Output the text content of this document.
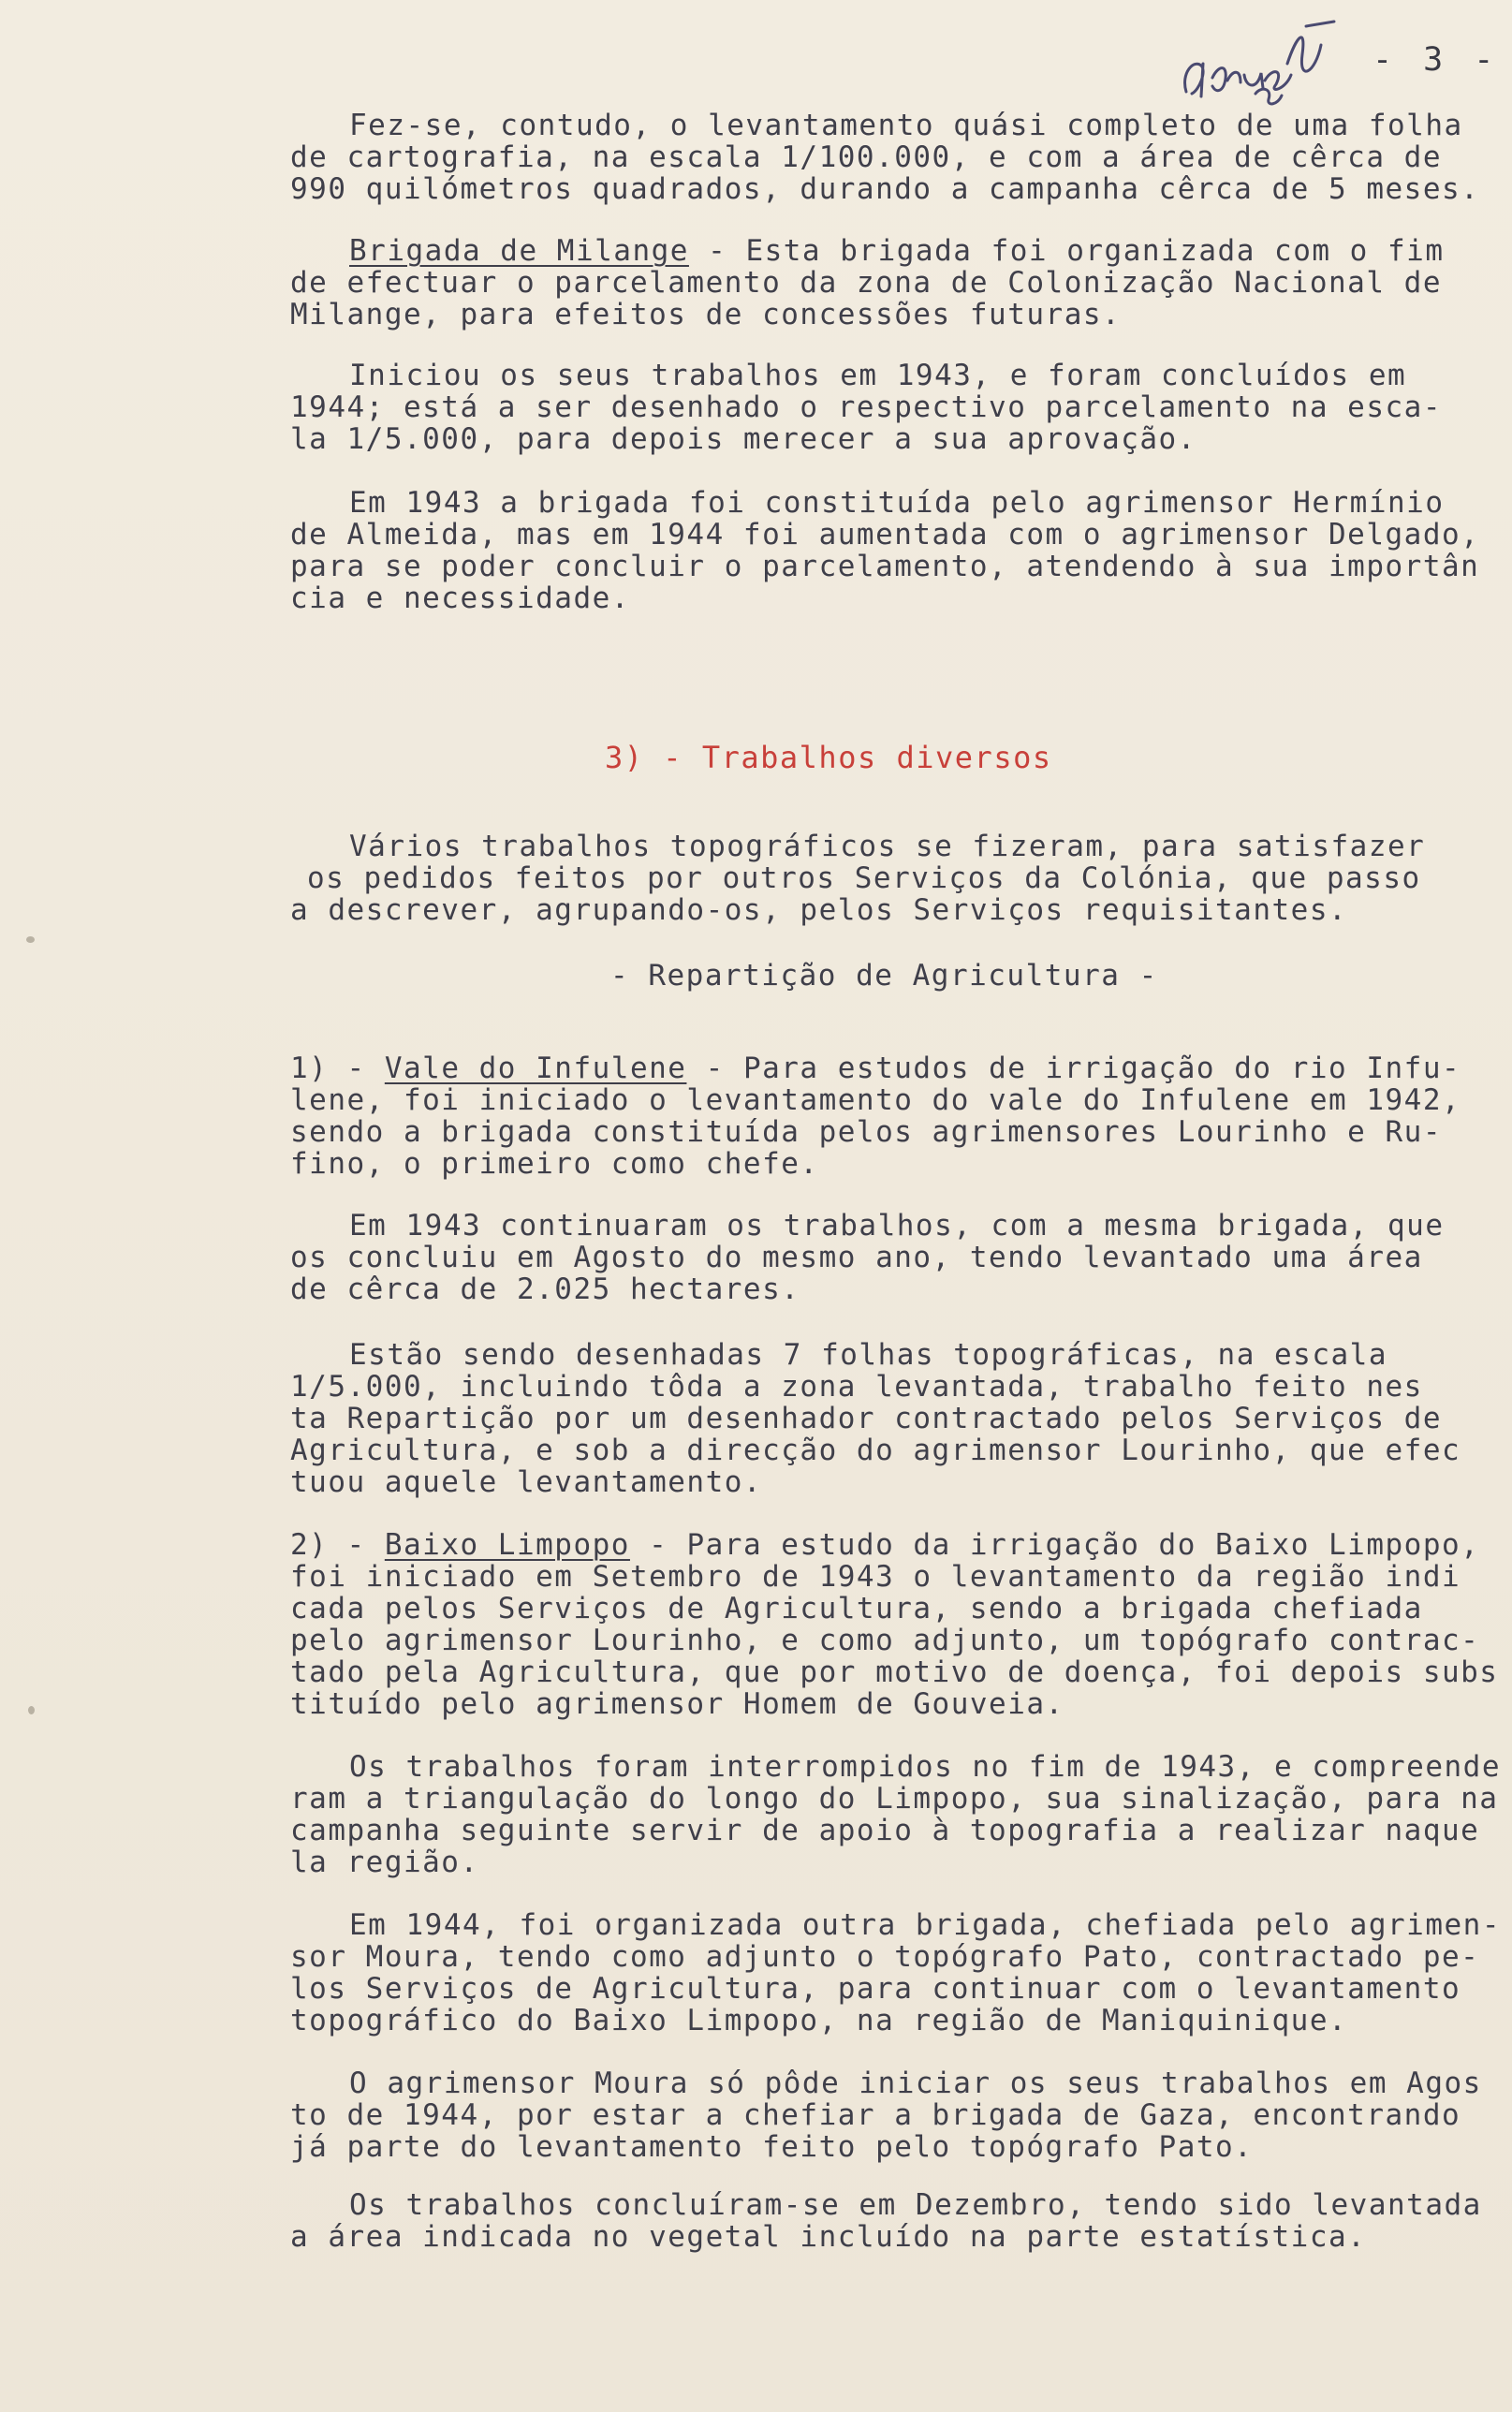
- 3 -
Fez-se, contudo, o levantamento quási completo de uma folha
de cartografia, na escala 1/100.000, e com a área de cêrca de
990 quilómetros quadrados, durando a campanha cêrca de 5 meses.
Brigada de Milange - Esta brigada foi organizada com o fim
de efectuar o parcelamento da zona de Colonização Nacional de
Milange, para efeitos de concessões futuras.
Iniciou os seus trabalhos em 1943, e foram concluídos em
1944; está a ser desenhado o respectivo parcelamento na esca-
la 1/5.000, para depois merecer a sua aprovação.
Em 1943 a brigada foi constituída pelo agrimensor Hermínio
de Almeida, mas em 1944 foi aumentada com o agrimensor Delgado,
para se poder concluir o parcelamento, atendendo à sua importân
cia e necessidade.
3) - Trabalhos diversos
Vários trabalhos topográficos se fizeram, para satisfazer
os pedidos feitos por outros Serviços da Colónia, que passo
a descrever, agrupando-os, pelos Serviços requisitantes.
- Repartição de Agricultura -
1) - Vale do Infulene - Para estudos de irrigação do rio Infu-
lene, foi iniciado o levantamento do vale do Infulene em 1942,
sendo a brigada constituída pelos agrimensores Lourinho e Ru-
fino, o primeiro como chefe.
Em 1943 continuaram os trabalhos, com a mesma brigada, que
os concluiu em Agosto do mesmo ano, tendo levantado uma área
de cêrca de 2.025 hectares.
Estão sendo desenhadas 7 folhas topográficas, na escala
1/5.000, incluindo tôda a zona levantada, trabalho feito nes
ta Repartição por um desenhador contractado pelos Serviços de
Agricultura, e sob a direcção do agrimensor Lourinho, que efec
tuou aquele levantamento.
2) - Baixo Limpopo - Para estudo da irrigação do Baixo Limpopo,
foi iniciado em Setembro de 1943 o levantamento da região indi
cada pelos Serviços de Agricultura, sendo a brigada chefiada
pelo agrimensor Lourinho, e como adjunto, um topógrafo contrac-
tado pela Agricultura, que por motivo de doença, foi depois subs
tituído pelo agrimensor Homem de Gouveia.
Os trabalhos foram interrompidos no fim de 1943, e compreende
ram a triangulação do longo do Limpopo, sua sinalização, para na
campanha seguinte servir de apoio à topografia a realizar naque
la região.
Em 1944, foi organizada outra brigada, chefiada pelo agrimen-
sor Moura, tendo como adjunto o topógrafo Pato, contractado pe-
los Serviços de Agricultura, para continuar com o levantamento
topográfico do Baixo Limpopo, na região de Maniquinique.
O agrimensor Moura só pôde iniciar os seus trabalhos em Agos
to de 1944, por estar a chefiar a brigada de Gaza, encontrando
já parte do levantamento feito pelo topógrafo Pato.
Os trabalhos concluíram-se em Dezembro, tendo sido levantada
a área indicada no vegetal incluído na parte estatística.
